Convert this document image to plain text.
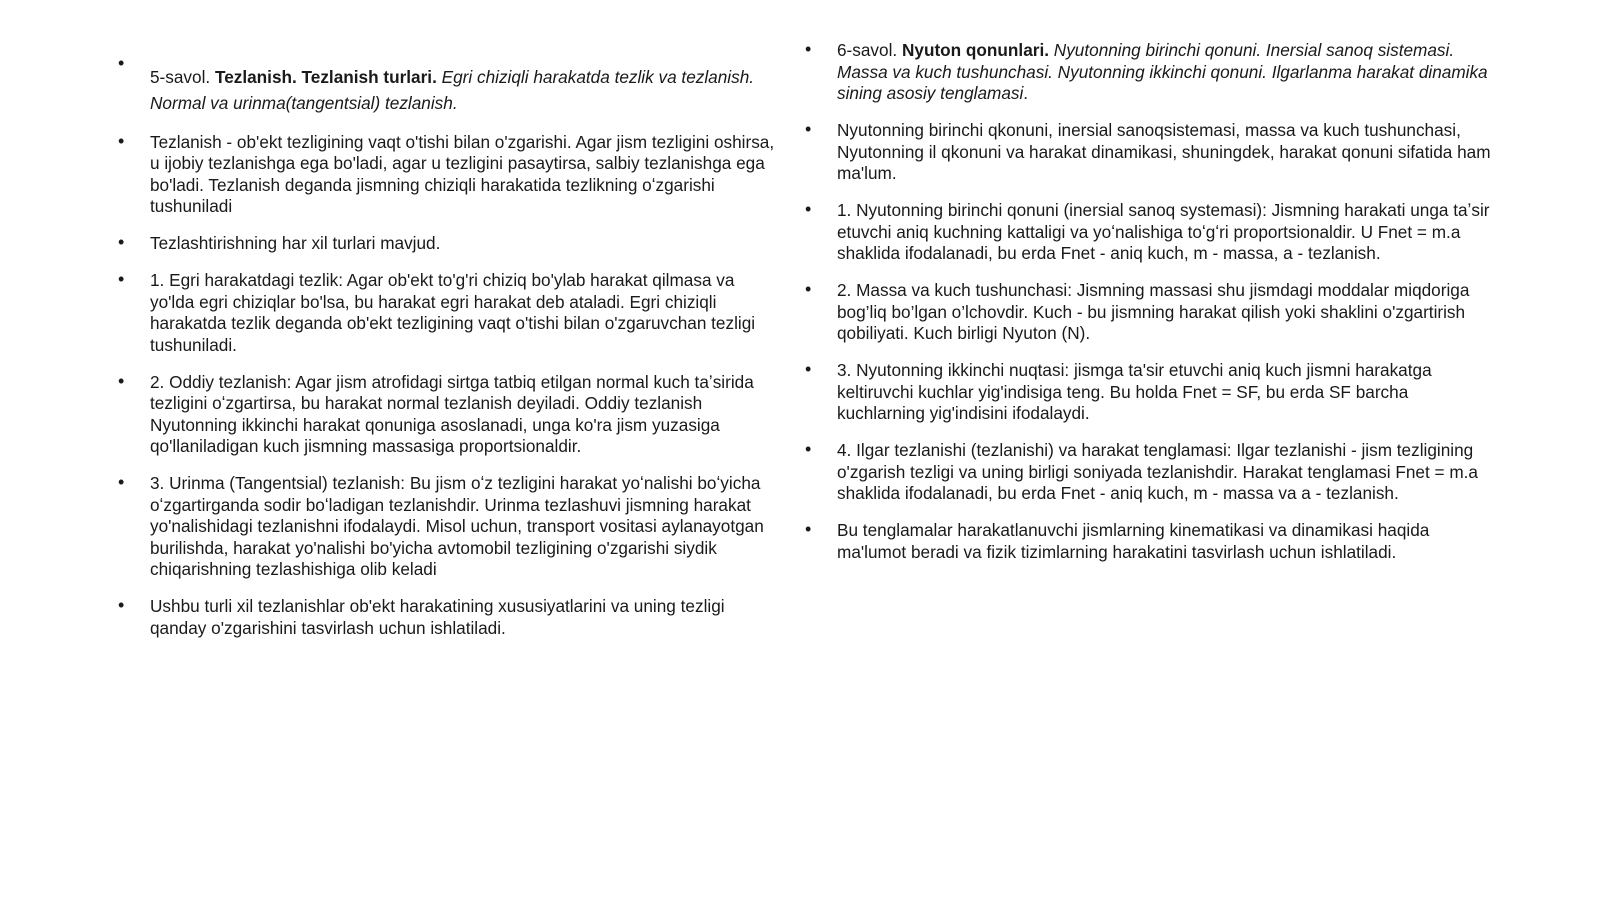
• 5-savol. Tezlanish. Tezlanish turlari. Egri chiziqli harakatda tezlik va tezlanish. Normal va urinma(tangentsial) tezlanish.
• Tezlanish - ob'ekt tezligining vaqt o'tishi bilan o'zgarishi. Agar jism tezligini oshirsa, u ijobiy tezlanishga ega bo'ladi, agar u tezligini pasaytirsa, salbiy tezlanishga ega bo'ladi. Tezlanish deganda jismning chiziqli harakatida tezlikning oʻzgarishi tushuniladi
• Tezlashtirishning har xil turlari mavjud.
• 1. Egri harakatdagi tezlik: Agar ob'ekt to'g'ri chiziq bo'ylab harakat qilmasa va yo'lda egri chiziqlar bo'lsa, bu harakat egri harakat deb ataladi. Egri chiziqli harakatda tezlik deganda ob'ekt tezligining vaqt o'tishi bilan o'zgaruvchan tezligi tushuniladi.
• 2. Oddiy tezlanish: Agar jism atrofidagi sirtga tatbiq etilgan normal kuch taʼsirida tezligini oʻzgartirsa, bu harakat normal tezlanish deyiladi. Oddiy tezlanish Nyutonning ikkinchi harakat qonuniga asoslanadi, unga ko'ra jism yuzasiga qo'llaniladigan kuch jismning massasiga proportsionaldir.
• 3. Urinma (Tangentsial) tezlanish: Bu jism oʻz tezligini harakat yoʻnalishi boʻyicha oʻzgartirganda sodir boʻladigan tezlanishdir. Urinma tezlashuvi jismning harakat yo'nalishidagi tezlanishni ifodalaydi. Misol uchun, transport vositasi aylanayotgan burilishda, harakat yo'nalishi bo'yicha avtomobil tezligining o'zgarishi siydik chiqarishning tezlashishiga olib keladi
• Ushbu turli xil tezlanishlar ob'ekt harakatining xususiyatlarini va uning tezligi qanday o'zgarishini tasvirlash uchun ishlatiladi.
• 6-savol. Nyuton qonunlari. Nyutonning birinchi qonuni. Inersial sanoq sistemasi. Massa va kuch tushunchasi. Nyutonning ikkinchi qonuni. Ilgarlanma harakat dinamika sining asosiy tenglamasi.
• Nyutonning birinchi qkonuni, inersial sanoqsistemasi, massa va kuch tushunchasi, Nyutonning il qkonuni va harakat dinamikasi, shuningdek, harakat qonuni sifatida ham ma'lum.
• 1. Nyutonning birinchi qonuni (inersial sanoq systemasi): Jismning harakati unga taʼsir etuvchi aniq kuchning kattaligi va yoʻnalishiga toʻgʻri proportsionaldir. U Fnet = m.a shaklida ifodalanadi, bu erda Fnet - aniq kuch, m - massa, a - tezlanish.
• 2. Massa va kuch tushunchasi: Jismning massasi shu jismdagi moddalar miqdoriga bog’liq bo’lgan o’lchovdir. Kuch - bu jismning harakat qilish yoki shaklini o'zgartirish qobiliyati. Kuch birligi Nyuton (N).
• 3. Nyutonning ikkinchi nuqtasi: jismga ta'sir etuvchi aniq kuch jismni harakatga keltiruvchi kuchlar yig'indisiga teng. Bu holda Fnet = SF, bu erda SF barcha kuchlarning yig'indisini ifodalaydi.
• 4. Ilgar tezlanishi (tezlanishi) va harakat tenglamasi: Ilgar tezlanishi - jism tezligining o'zgarish tezligi va uning birligi soniyada tezlanishdir. Harakat tenglamasi Fnet = m.a shaklida ifodalanadi, bu erda Fnet - aniq kuch, m - massa va a - tezlanish.
• Bu tenglamalar harakatlanuvchi jismlarning kinematikasi va dinamikasi haqida ma'lumot beradi va fizik tizimlarning harakatini tasvirlash uchun ishlatiladi.
